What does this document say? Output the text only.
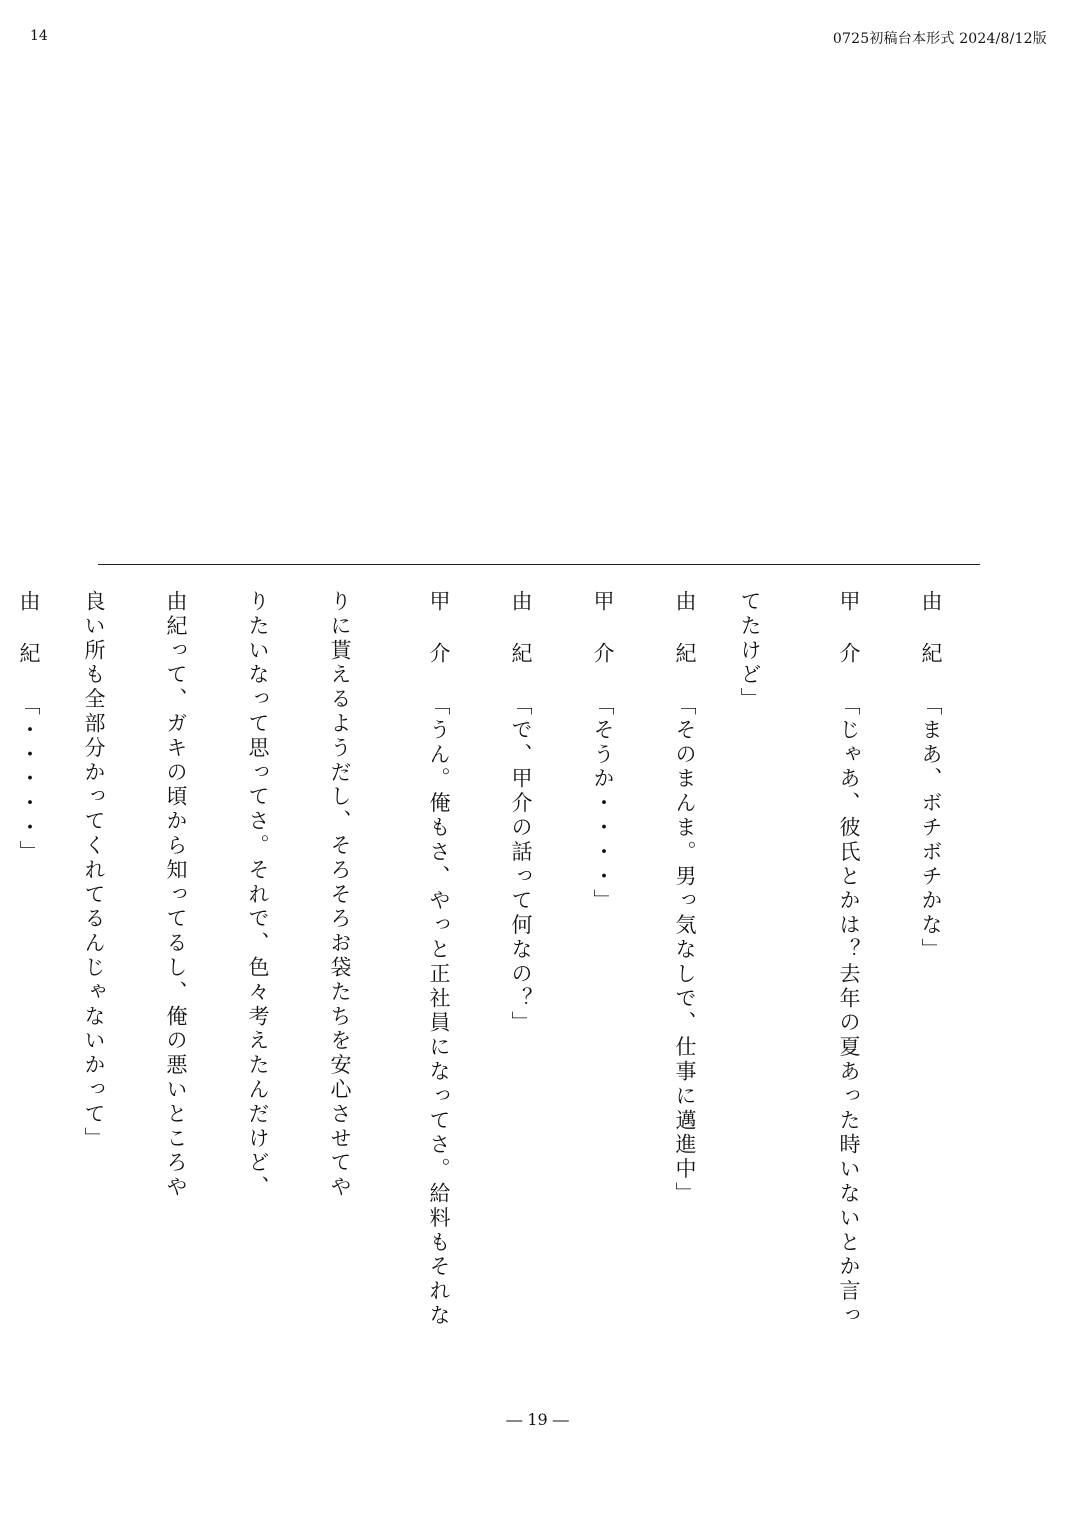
14	0725初稿台本形式 2024/8/12版
由紀「まあ、ボチボチかな」
甲介「じゃあ、彼氏とかは？去年の夏あった時いないとか言っ
てたけど」
由紀「そのまんま。男っ気なしで、仕事に邁進中」
甲介「そうか・・・・」
由紀「で、甲介の話って何なの？」
甲介「うん。俺もさ、やっと正社員になってさ。給料もそれな
りに貰えるようだし、そろそろお袋たちを安心させてや
りたいなって思ってさ。それで、色々考えたんだけど、
由紀って、ガキの頃から知ってるし、俺の悪いところや
良い所も全部分かってくれてるんじゃないかって」
由紀「・・・・・」
― 19 ―
